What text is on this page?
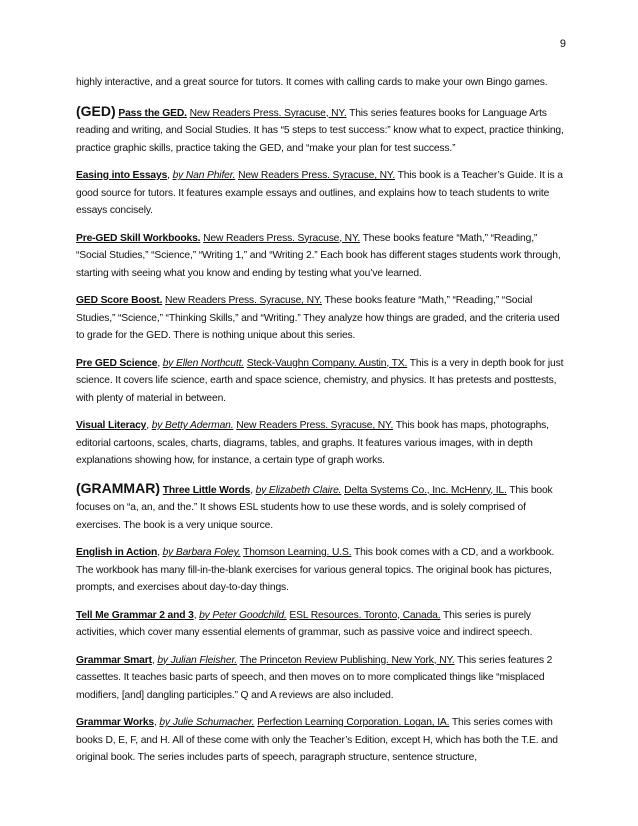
9

highly interactive, and a great source for tutors. It comes with calling cards to make your own Bingo games.

(GED) Pass the GED. New Readers Press. Syracuse, NY. This series features books for Language Arts reading and writing, and Social Studies. It has “5 steps to test success:” know what to expect, practice thinking, practice graphic skills, practice taking the GED, and “make your plan for test success.”

Easing into Essays, by Nan Phifer. New Readers Press. Syracuse, NY. This book is a Teacher’s Guide. It is a good source for tutors. It features example essays and outlines, and explains how to teach students to write essays concisely.

Pre-GED Skill Workbooks. New Readers Press. Syracuse, NY. These books feature “Math,” “Reading,” “Social Studies,” “Science,” “Writing 1,” and “Writing 2.” Each book has different stages students work through, starting with seeing what you know and ending by testing what you’ve learned.

GED Score Boost. New Readers Press. Syracuse, NY. These books feature “Math,” “Reading,” “Social Studies,” “Science,” “Thinking Skills,” and “Writing.” They analyze how things are graded, and the criteria used to grade for the GED. There is nothing unique about this series.

Pre GED Science, by Ellen Northcutt. Steck-Vaughn Company. Austin, TX. This is a very in depth book for just science. It covers life science, earth and space science, chemistry, and physics. It has pretests and posttests, with plenty of material in between.

Visual Literacy, by Betty Aderman. New Readers Press. Syracuse, NY. This book has maps, photographs, editorial cartoons, scales, charts, diagrams, tables, and graphs. It features various images, with in depth explanations showing how, for instance, a certain type of graph works.

(GRAMMAR) Three Little Words, by Elizabeth Claire. Delta Systems Co., Inc. McHenry, IL. This book focuses on “a, an, and the.” It shows ESL students how to use these words, and is solely comprised of exercises. The book is a very unique source.

English in Action, by Barbara Foley. Thomson Learning. U.S. This book comes with a CD, and a workbook. The workbook has many fill-in-the-blank exercises for various general topics. The original book has pictures, prompts, and exercises about day-to-day things.

Tell Me Grammar 2 and 3, by Peter Goodchild. ESL Resources. Toronto, Canada. This series is purely activities, which cover many essential elements of grammar, such as passive voice and indirect speech.

Grammar Smart, by Julian Fleisher. The Princeton Review Publishing. New York, NY. This series features 2 cassettes. It teaches basic parts of speech, and then moves on to more complicated things like “misplaced modifiers, [and] dangling participles.” Q and A reviews are also included.

Grammar Works, by Julie Schumacher. Perfection Learning Corporation. Logan, IA. This series comes with books D, E, F, and H. All of these come with only the Teacher’s Edition, except H, which has both the T.E. and original book. The series includes parts of speech, paragraph structure, sentence structure,
